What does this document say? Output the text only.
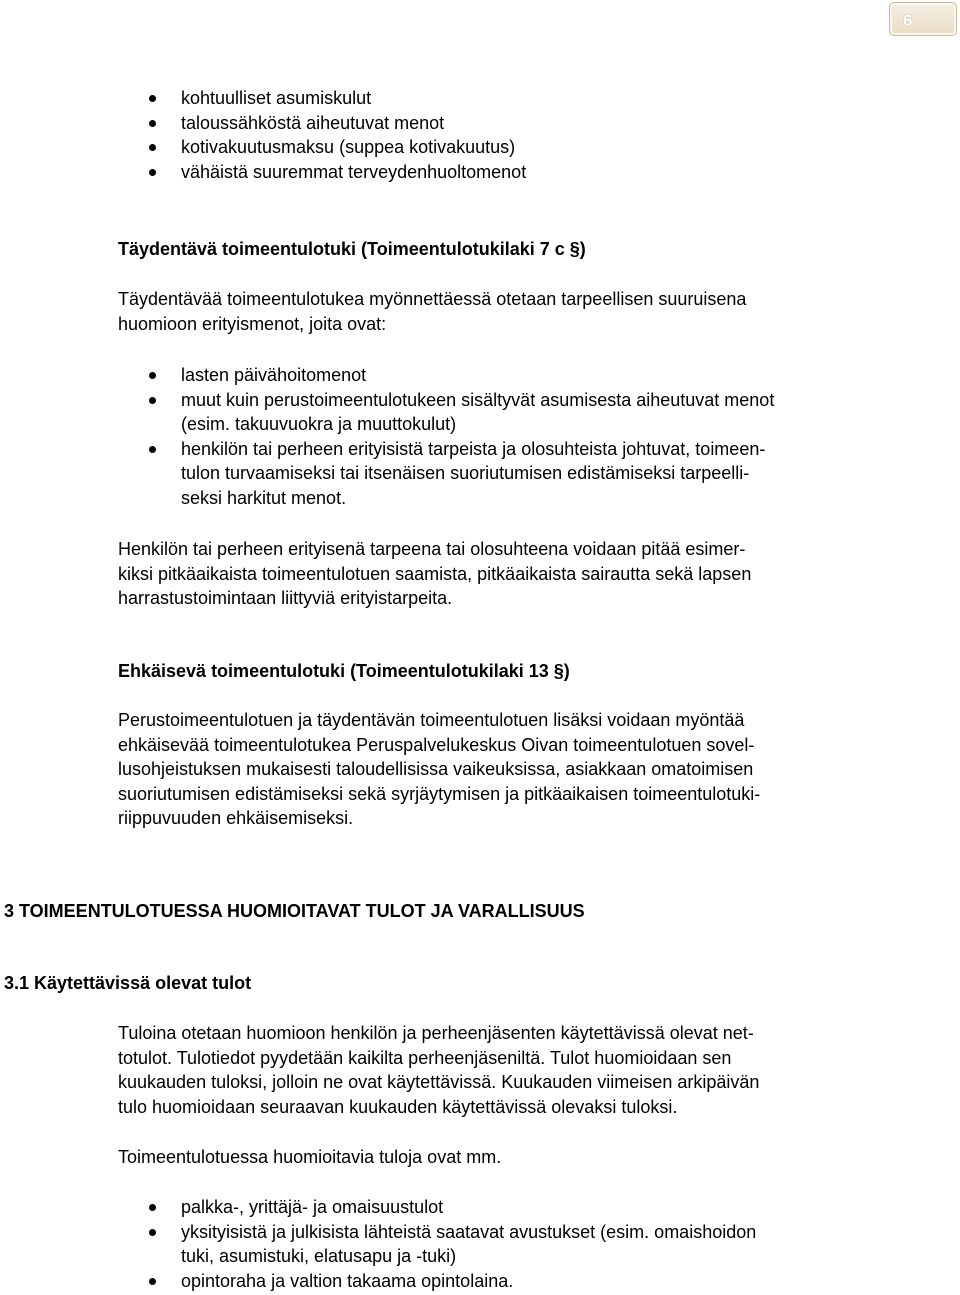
6
kohtuulliset asumiskulut
taloussähköstä aiheutuvat menot
kotivakuutusmaksu (suppea kotivakuutus)
vähäistä suuremmat terveydenhuoltomenot

Täydentävä toimeentulotuki (Toimeentulotukilaki 7 c §)

Täydentävää toimeentulotukea myönnettäessä otetaan tarpeellisen suuruisena
huomioon erityismenot, joita ovat:
lasten päivähoitomenot
muut kuin perustoimeentulotukeen sisältyvät asumisesta aiheutuvat menot
(esim. takuuvuokra ja muuttokulut)
henkilön tai perheen erityisistä tarpeista ja olosuhteista johtuvat, toimeen-
tulon turvaamiseksi tai itsenäisen suoriutumisen edistämiseksi tarpeelli-
seksi harkitut menot.
Henkilön tai perheen erityisenä tarpeena tai olosuhteena voidaan pitää esimer-
kiksi pitkäaikaista toimeentulotuen saamista, pitkäaikaista sairautta sekä lapsen
harrastustoimintaan liittyviä erityistarpeita.

Ehkäisevä toimeentulotuki (Toimeentulotukilaki 13 §)

Perustoimeentulotuen ja täydentävän toimeentulotuen lisäksi voidaan myöntää
ehkäisevää toimeentulotukea Peruspalvelukeskus Oivan toimeentulotuen sovel-
lusohjeistuksen mukaisesti taloudellisissa vaikeuksissa, asiakkaan omatoimisen
suoriutumisen edistämiseksi sekä syrjäytymisen ja pitkäaikaisen toimeentulotuki-
riippuvuuden ehkäisemiseksi.

3 TOIMEENTULOTUESSA HUOMIOITAVAT TULOT JA VARALLISUUS

3.1 Käytettävissä olevat tulot

Tuloina otetaan huomioon henkilön ja perheenjäsenten käytettävissä olevat net-
totulot. Tulotiedot pyydetään kaikilta perheenjäseniltä. Tulot huomioidaan sen
kuukauden tuloksi, jolloin ne ovat käytettävissä. Kuukauden viimeisen arkipäivän
tulo huomioidaan seuraavan kuukauden käytettävissä olevaksi tuloksi.

Toimeentulotuessa huomioitavia tuloja ovat mm.

palkka-, yrittäjä- ja omaisuustulot
yksityisistä ja julkisista lähteistä saatavat avustukset (esim. omaishoidon
tuki, asumistuki, elatusapu ja -tuki)
opintoraha ja valtion takaama opintolaina.
